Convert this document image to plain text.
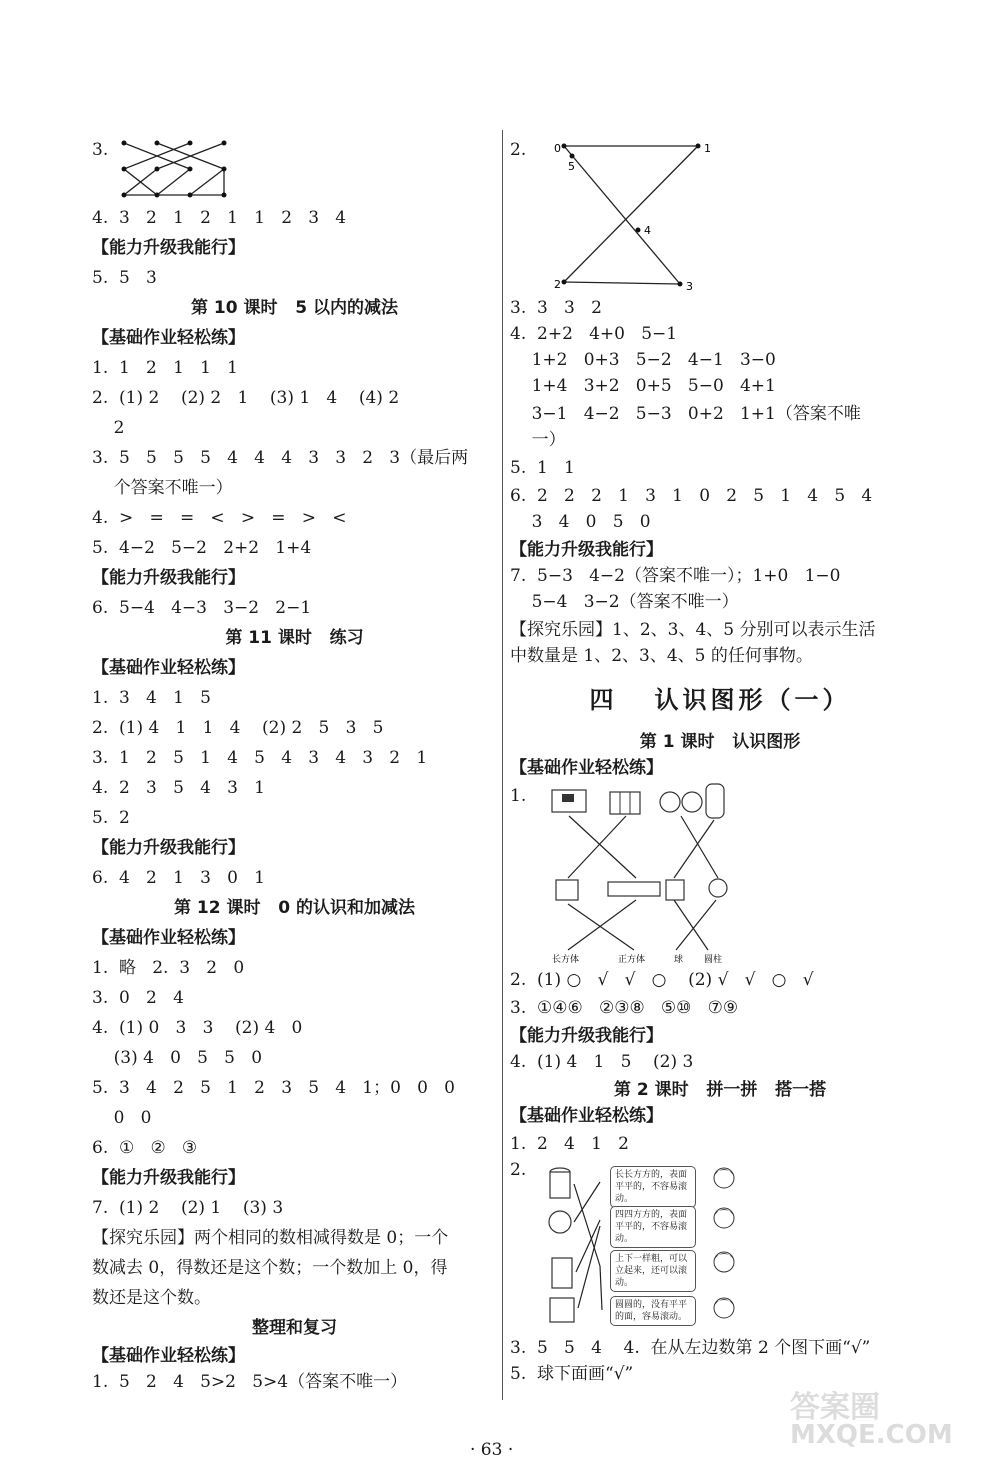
3.
4.  3   2   1   2   1   1   2   3   4
【能力升级我能行】
5.  5   3
第 10 课时   5 以内的减法
【基础作业轻松练】
1.  1   2   1   1   1
2.  (1) 2    (2) 2   1    (3) 1   4    (4) 2
2
3.  5   5   5   5   4   4   4   3   3   2   3（最后两
个答案不唯一）
4.  >   =   =   <   >   =   >   <
5.  4−2   5−2   2+2   1+4
【能力升级我能行】
6.  5−4   4−3   3−2   2−1
第 11 课时   练习
【基础作业轻松练】
1.  3   4   1   5
2.  (1) 4   1   1   4    (2) 2   5   3   5
3.  1   2   5   1   4   5   4   3   4   3   2   1
4.  2   3   5   4   3   1
5.  2
【能力升级我能行】
6.  4   2   1   3   0   1
第 12 课时   0 的认识和加减法
【基础作业轻松练】
1.  略   2.  3   2   0
3.  0   2   4
4.  (1) 0   3   3    (2) 4   0
(3) 4   0   5   5   0
5.  3   4   2   5   1   2   3   5   4   1；0   0   0
0   0
6.  ①   ②   ③
【能力升级我能行】
7.  (1) 2    (2) 1    (3) 3
【探究乐园】两个相同的数相减得数是 0；一个
数减去 0，得数还是这个数；一个数加上 0，得
数还是这个数。
整理和复习
【基础作业轻松练】
1.  5   2   4   5>2   5>4（答案不唯一）
2.	0	1
5
4
2	3
3.  3   3   2
4.  2+2   4+0   5−1
1+2   0+3   5−2   4−1   3−0
1+4   3+2   0+5   5−0   4+1
3−1   4−2   5−3   0+2   1+1（答案不唯
一）
5.  1   1
6.  2   2   2   1   3   1   0   2   5   1   4   5   4
3   4   0   5   0
【能力升级我能行】
7.  5−3   4−2（答案不唯一）；1+0   1−0
5−4   3−2（答案不唯一）
【探究乐园】1、2、3、4、5 分别可以表示生活
中数量是 1、2、3、4、5 的任何事物。
四   认识图形（一）
第 1 课时   认识图形
【基础作业轻松练】
1.
长方体	正方体	球 圆柱
2.  (1) ○   √   √   ○    (2) √   √   ○   √
3.  ①④⑥   ②③⑧   ⑤⑩   ⑦⑨
【能力升级我能行】
4.  (1) 4   1   5    (2) 3
第 2 课时   拼一拼   搭一搭
【基础作业轻松练】
1.  2   4   1   2
2.	长长方方的，表面平平的，不容易滚动。
四四方方的，表面平平的，不容易滚动。
上下一样粗，可以立起来，还可以滚动。
圆圆的，没有平平的面，容易滚动。
3.  5   5   4    4.  在从左边数第 2 个图下画“√”
5.  球下面画“√”
· 63 ·
答案圈
MXQE.COM
